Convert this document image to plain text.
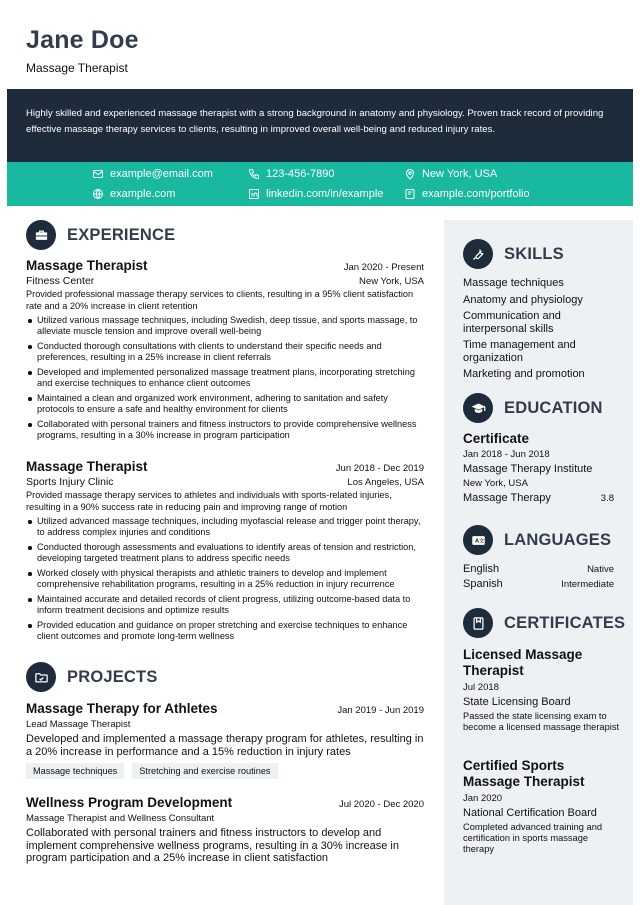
Jane Doe
Massage Therapist
Highly skilled and experienced massage therapist with a strong background in anatomy and physiology. Proven track record of providing effective massage therapy services to clients, resulting in improved overall well-being and reduced injury rates.
example@email.com	123-456-7890	New York, USA
example.com	linkedin.com/in/example	example.com/portfolio
EXPERIENCE
Massage Therapist	Jan 2020 - Present
Fitness Center	New York, USA
Provided professional massage therapy services to clients, resulting in a 95% client satisfaction rate and a 20% increase in client retention
Utilized various massage techniques, including Swedish, deep tissue, and sports massage, to alleviate muscle tension and improve overall well-being
Conducted thorough consultations with clients to understand their specific needs and preferences, resulting in a 25% increase in client referrals
Developed and implemented personalized massage treatment plans, incorporating stretching and exercise techniques to enhance client outcomes
Maintained a clean and organized work environment, adhering to sanitation and safety protocols to ensure a safe and healthy environment for clients
Collaborated with personal trainers and fitness instructors to provide comprehensive wellness programs, resulting in a 30% increase in program participation
Massage Therapist	Jun 2018 - Dec 2019
Sports Injury Clinic	Los Angeles, USA
Provided massage therapy services to athletes and individuals with sports-related injuries, resulting in a 90% success rate in reducing pain and improving range of motion
Utilized advanced massage techniques, including myofascial release and trigger point therapy, to address complex injuries and conditions
Conducted thorough assessments and evaluations to identify areas of tension and restriction, developing targeted treatment plans to address specific needs
Worked closely with physical therapists and athletic trainers to develop and implement comprehensive rehabilitation programs, resulting in a 25% reduction in injury recurrence
Maintained accurate and detailed records of client progress, utilizing outcome-based data to inform treatment decisions and optimize results
Provided education and guidance on proper stretching and exercise techniques to enhance client outcomes and promote long-term wellness
PROJECTS
Massage Therapy for Athletes	Jan 2019 - Jun 2019
Lead Massage Therapist
Developed and implemented a massage therapy program for athletes, resulting in a 20% increase in performance and a 15% reduction in injury rates
Massage techniques	Stretching and exercise routines
Wellness Program Development	Jul 2020 - Dec 2020
Massage Therapist and Wellness Consultant
Collaborated with personal trainers and fitness instructors to develop and implement comprehensive wellness programs, resulting in a 30% increase in program participation and a 25% increase in client satisfaction
SKILLS
Massage techniques
Anatomy and physiology
Communication and interpersonal skills
Time management and organization
Marketing and promotion
EDUCATION
Certificate
Jan 2018 - Jun 2018
Massage Therapy Institute
New York, USA
Massage Therapy	3.8
A 文 LANGUAGES
English	Native
Spanish	Intermediate
CERTIFICATES
Licensed Massage Therapist
Jul 2018
State Licensing Board
Passed the state licensing exam to become a licensed massage therapist
Certified Sports Massage Therapist
Jan 2020
National Certification Board
Completed advanced training and certification in sports massage therapy
